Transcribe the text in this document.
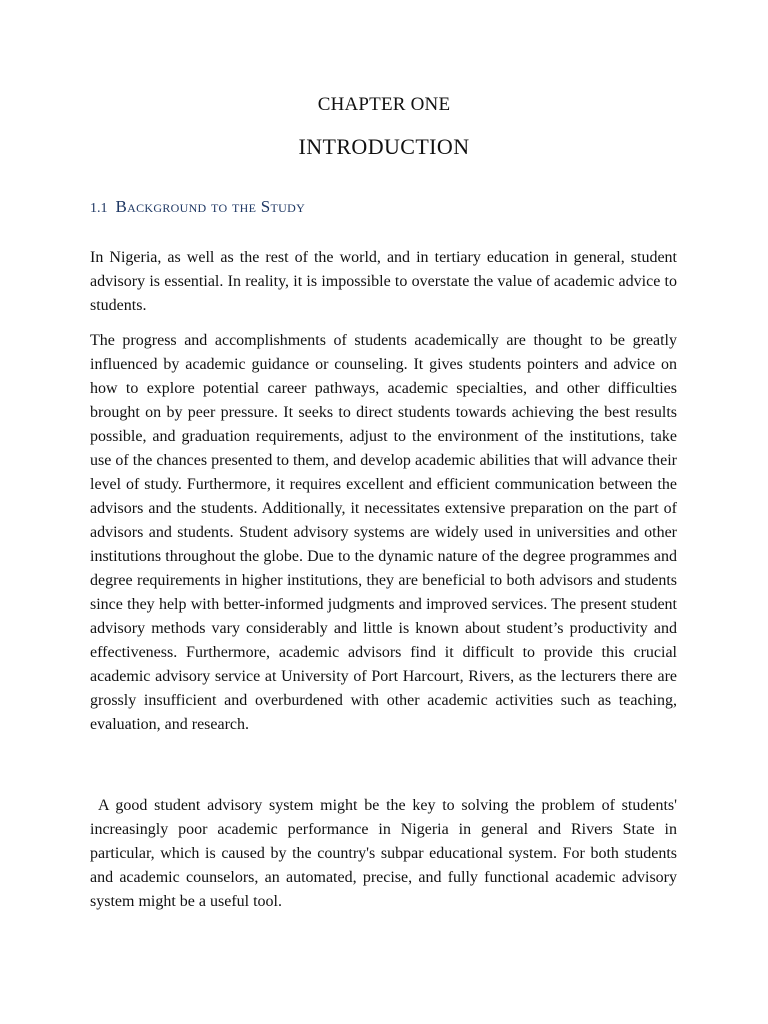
CHAPTER ONE
INTRODUCTION
1.1 Background to the Study

In Nigeria, as well as the rest of the world, and in tertiary education in general, student advisory is essential. In reality, it is impossible to overstate the value of academic advice to students.

The progress and accomplishments of students academically are thought to be greatly influenced by academic guidance or counseling. It gives students pointers and advice on how to explore potential career pathways, academic specialties, and other difficulties brought on by peer pressure. It seeks to direct students towards achieving the best results possible, and graduation requirements, adjust to the environment of the institutions, take use of the chances presented to them, and develop academic abilities that will advance their level of study. Furthermore, it requires excellent and efficient communication between the advisors and the students. Additionally, it necessitates extensive preparation on the part of advisors and students. Student advisory systems are widely used in universities and other institutions throughout the globe. Due to the dynamic nature of the degree programmes and degree requirements in higher institutions, they are beneficial to both advisors and students since they help with better-informed judgments and improved services. The present student advisory methods vary considerably and little is known about student’s productivity and effectiveness. Furthermore, academic advisors find it difficult to provide this crucial academic advisory service at University of Port Harcourt, Rivers, as the lecturers there are grossly insufficient and overburdened with other academic activities such as teaching, evaluation, and research.

A good student advisory system might be the key to solving the problem of students' increasingly poor academic performance in Nigeria in general and Rivers State in particular, which is caused by the country's subpar educational system. For both students and academic counselors, an automated, precise, and fully functional academic advisory system might be a useful tool.
